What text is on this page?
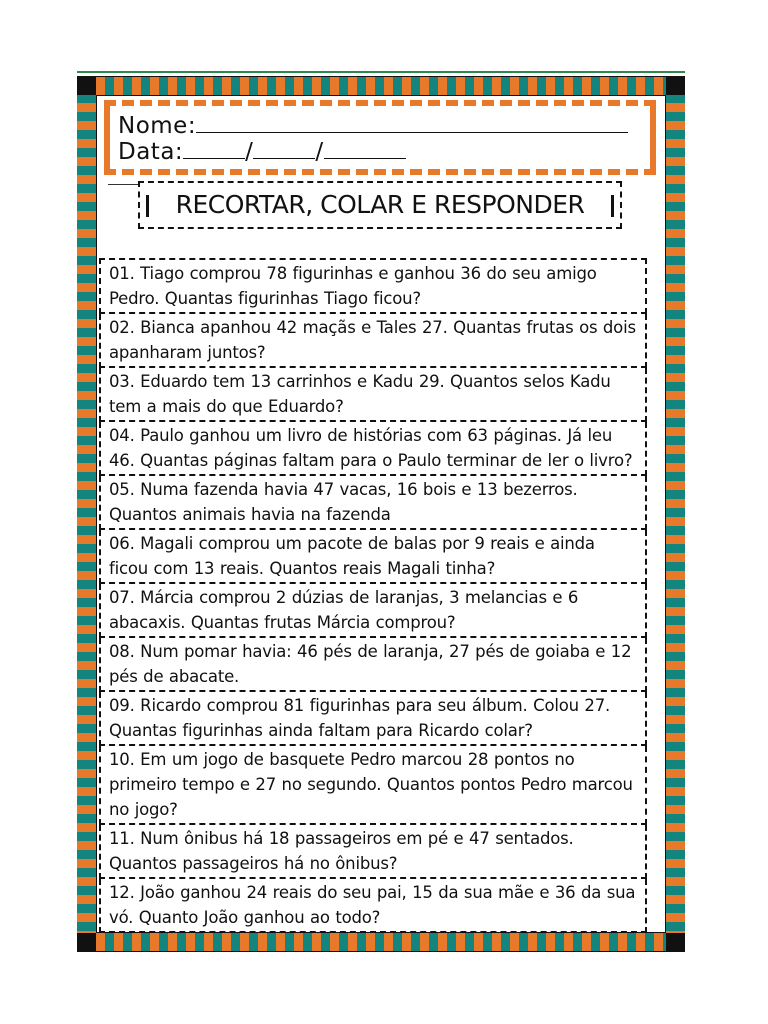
Nome:
Data:	/	/
RECORTAR, COLAR E RESPONDER
01. Tiago comprou 78 figurinhas e ganhou 36 do seu amigo Pedro. Quantas figurinhas Tiago ficou?
02. Bianca apanhou 42 maçãs e Tales 27. Quantas frutas os dois apanharam juntos?
03. Eduardo tem 13 carrinhos e Kadu 29. Quantos selos Kadu tem a mais do que Eduardo?
04. Paulo ganhou um livro de histórias com 63 páginas. Já leu 46. Quantas páginas faltam para o Paulo terminar de ler o livro?
05. Numa fazenda havia 47 vacas, 16 bois e 13 bezerros. Quantos animais havia na fazenda
06. Magali comprou um pacote de balas por 9 reais e ainda ficou com 13 reais. Quantos reais Magali tinha?
07. Márcia comprou 2 dúzias de laranjas, 3 melancias e 6 abacaxis. Quantas frutas Márcia comprou?
08. Num pomar havia: 46 pés de laranja, 27 pés de goiaba e 12 pés de abacate.
09. Ricardo comprou 81 figurinhas para seu álbum. Colou 27. Quantas figurinhas ainda faltam para Ricardo colar?
10. Em um jogo de basquete Pedro marcou 28 pontos no primeiro tempo e 27 no segundo. Quantos pontos Pedro marcou no jogo?
11. Num ônibus há 18 passageiros em pé e 47 sentados. Quantos passageiros há no ônibus?
12. João ganhou 24 reais do seu pai, 15 da sua mãe e 36 da sua vó. Quanto João ganhou ao todo?
